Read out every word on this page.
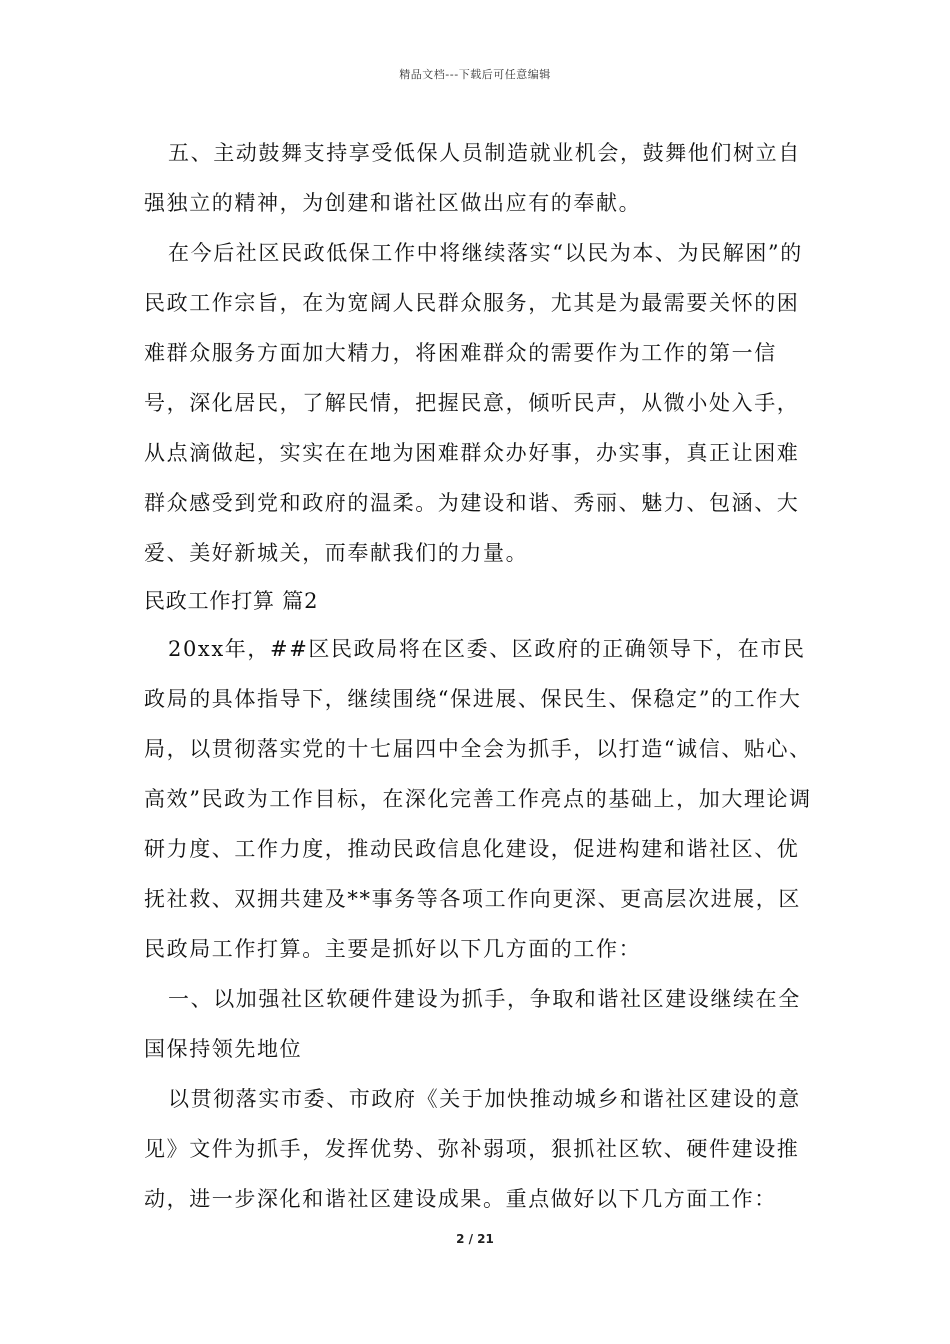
精品文档---下载后可任意编辑

五、主动鼓舞支持享受低保人员制造就业机会，鼓舞他们树立自强独立的精神，为创建和谐社区做出应有的奉献。

在今后社区民政低保工作中将继续落实“以民为本、为民解困”的民政工作宗旨，在为宽阔人民群众服务，尤其是为最需要关怀的困难群众服务方面加大精力，将困难群众的需要作为工作的第一信号，深化居民，了解民情，把握民意，倾听民声，从微小处入手，从点滴做起，实实在在地为困难群众办好事，办实事，真正让困难群众感受到党和政府的温柔。为建设和谐、秀丽、魅力、包涵、大爱、美好新城关，而奉献我们的力量。

民政工作打算 篇2

20xx年，##区民政局将在区委、区政府的正确领导下，在市民政局的具体指导下，继续围绕“保进展、保民生、保稳定”的工作大局，以贯彻落实党的十七届四中全会为抓手，以打造“诚信、贴心、高效”民政为工作目标，在深化完善工作亮点的基础上，加大理论调研力度、工作力度，推动民政信息化建设，促进构建和谐社区、优抚社救、双拥共建及**事务等各项工作向更深、更高层次进展，区民政局工作打算。主要是抓好以下几方面的工作：

一、以加强社区软硬件建设为抓手，争取和谐社区建设继续在全国保持领先地位

以贯彻落实市委、市政府《关于加快推动城乡和谐社区建设的意见》文件为抓手，发挥优势、弥补弱项，狠抓社区软、硬件建设推动，进一步深化和谐社区建设成果。重点做好以下几方面工作：

2 / 21
